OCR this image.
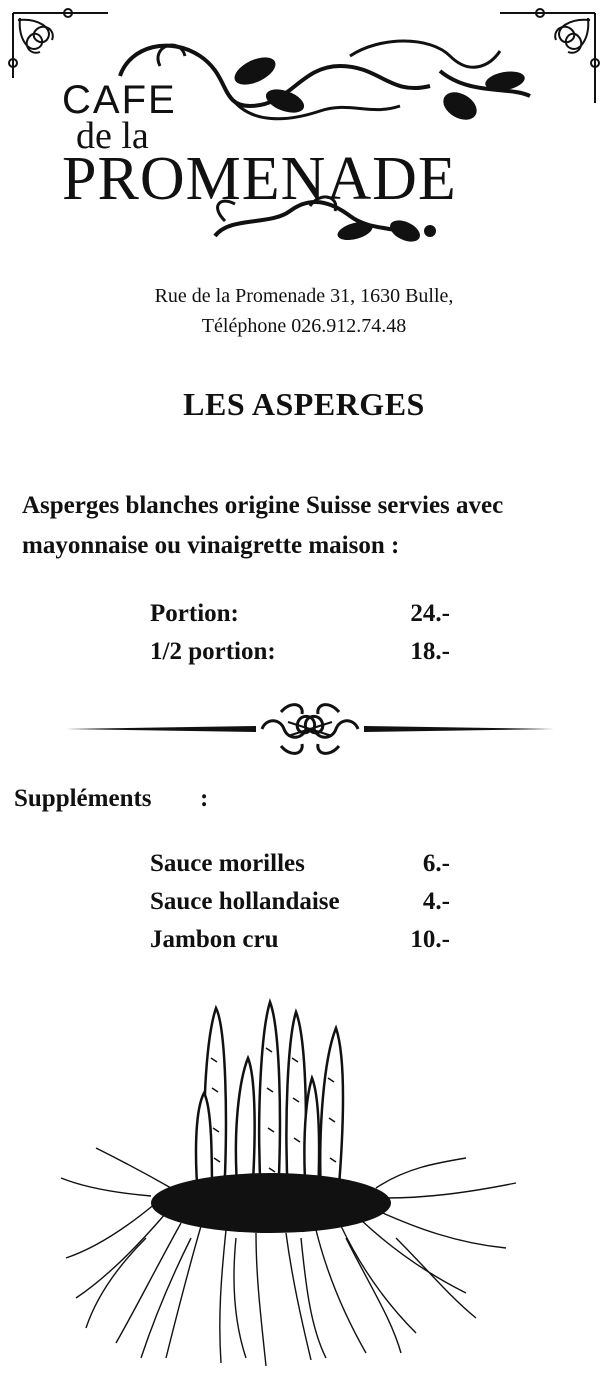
CAFE
de la
PROMENADE
Rue de la Promenade 31, 1630 Bulle,
Téléphone 026.912.74.48
LES ASPERGES
Asperges blanches origine Suisse servies avec mayonnaise ou vinaigrette maison :
Portion:	24.-
1/2 portion:	18.-
Suppléments :
Sauce morilles	6.-
Sauce hollandaise	4.-
Jambon cru	10.-
